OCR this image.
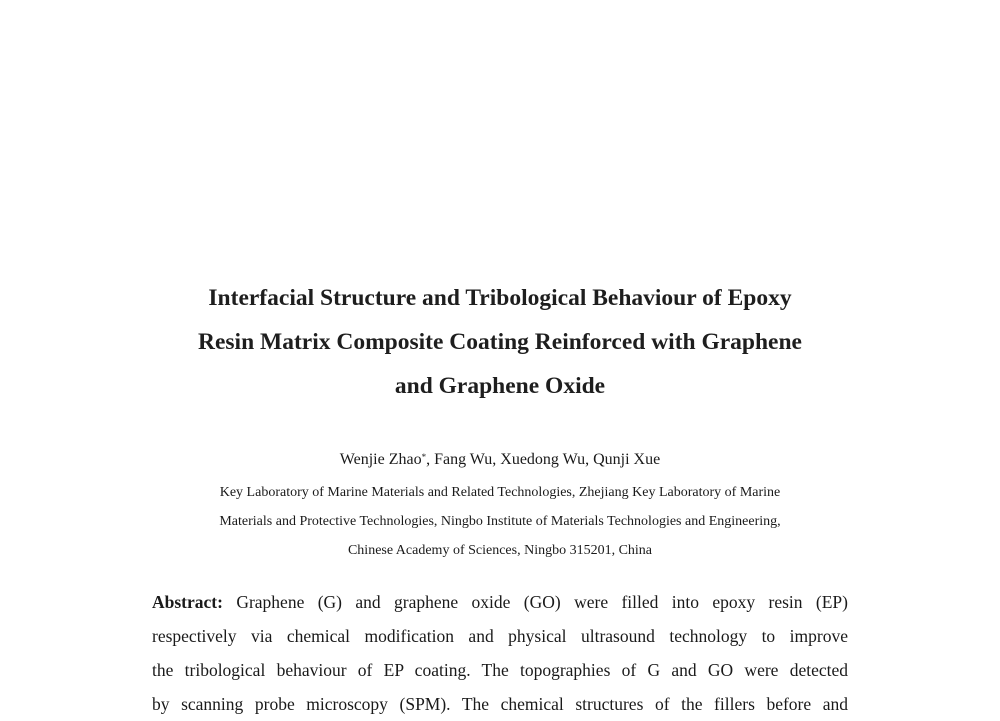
Interfacial Structure and Tribological Behaviour of Epoxy
Resin Matrix Composite Coating Reinforced with Graphene
and Graphene Oxide
Wenjie Zhao*, Fang Wu, Xuedong Wu, Qunji Xue
Key Laboratory of Marine Materials and Related Technologies, Zhejiang Key Laboratory of Marine
Materials and Protective Technologies, Ningbo Institute of Materials Technologies and Engineering,
Chinese Academy of Sciences, Ningbo 315201, China
Abstract: Graphene (G) and graphene oxide (GO) were filled into epoxy resin (EP)
respectively via chemical modification and physical ultrasound technology to improve
the tribological behaviour of EP coating. The topographies of G and GO were detected
by scanning probe microscopy (SPM). The chemical structures of the fillers before and
